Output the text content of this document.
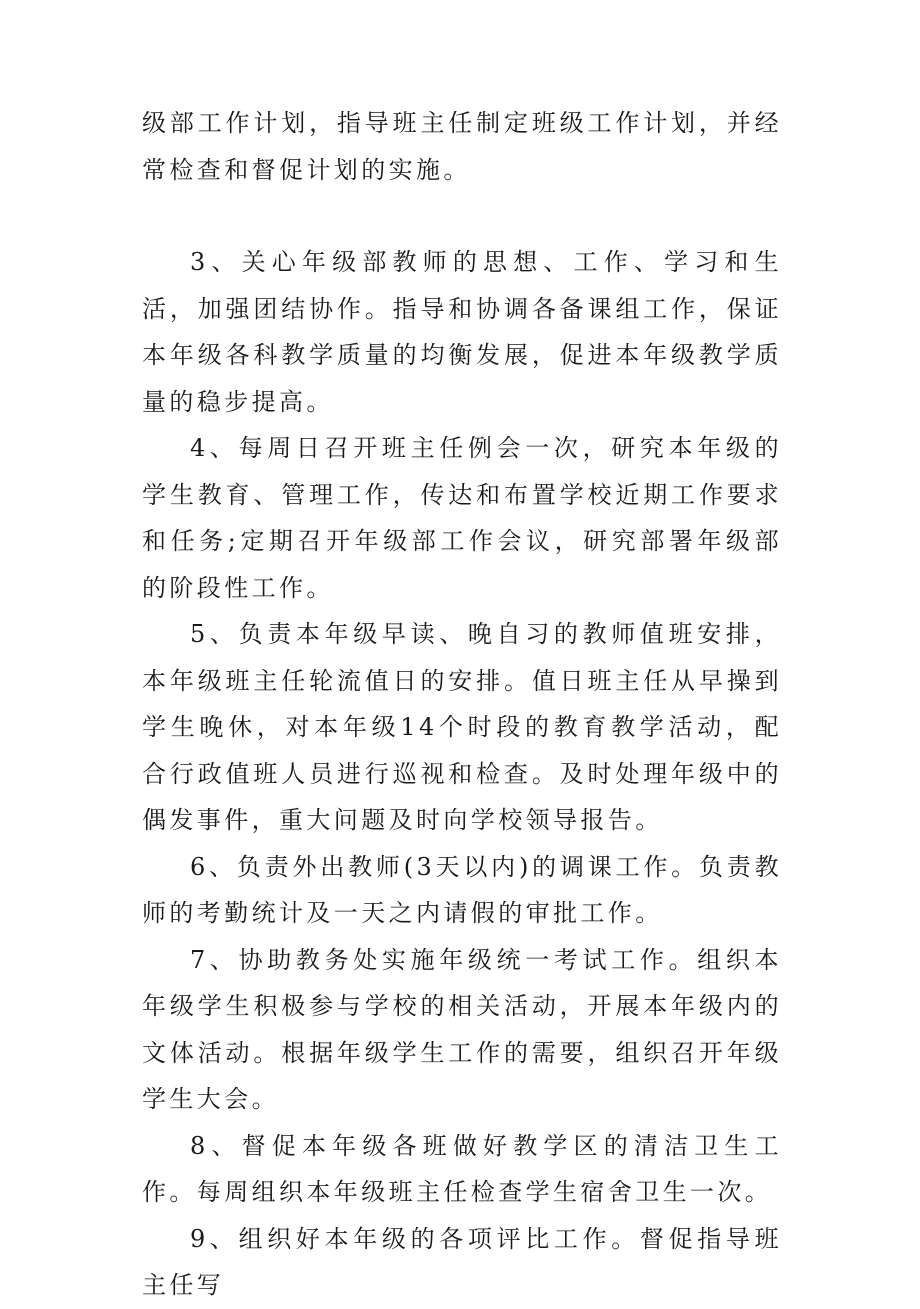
级部工作计划，指导班主任制定班级工作计划，并经常检查和督促计划的实施。

3、关心年级部教师的思想、工作、学习和生活，加强团结协作。指导和协调各备课组工作，保证本年级各科教学质量的均衡发展，促进本年级教学质量的稳步提高。

4、每周日召开班主任例会一次，研究本年级的学生教育、管理工作，传达和布置学校近期工作要求和任务;定期召开年级部工作会议，研究部署年级部的阶段性工作。

5、负责本年级早读、晚自习的教师值班安排，本年级班主任轮流值日的安排。值日班主任从早操到学生晚休，对本年级14个时段的教育教学活动，配合行政值班人员进行巡视和检查。及时处理年级中的偶发事件，重大问题及时向学校领导报告。

6、负责外出教师(3天以内)的调课工作。负责教师的考勤统计及一天之内请假的审批工作。

7、协助教务处实施年级统一考试工作。组织本年级学生积极参与学校的相关活动，开展本年级内的文体活动。根据年级学生工作的需要，组织召开年级学生大会。

8、督促本年级各班做好教学区的清洁卫生工作。每周组织本年级班主任检查学生宿舍卫生一次。

9、组织好本年级的各项评比工作。督促指导班主任写
